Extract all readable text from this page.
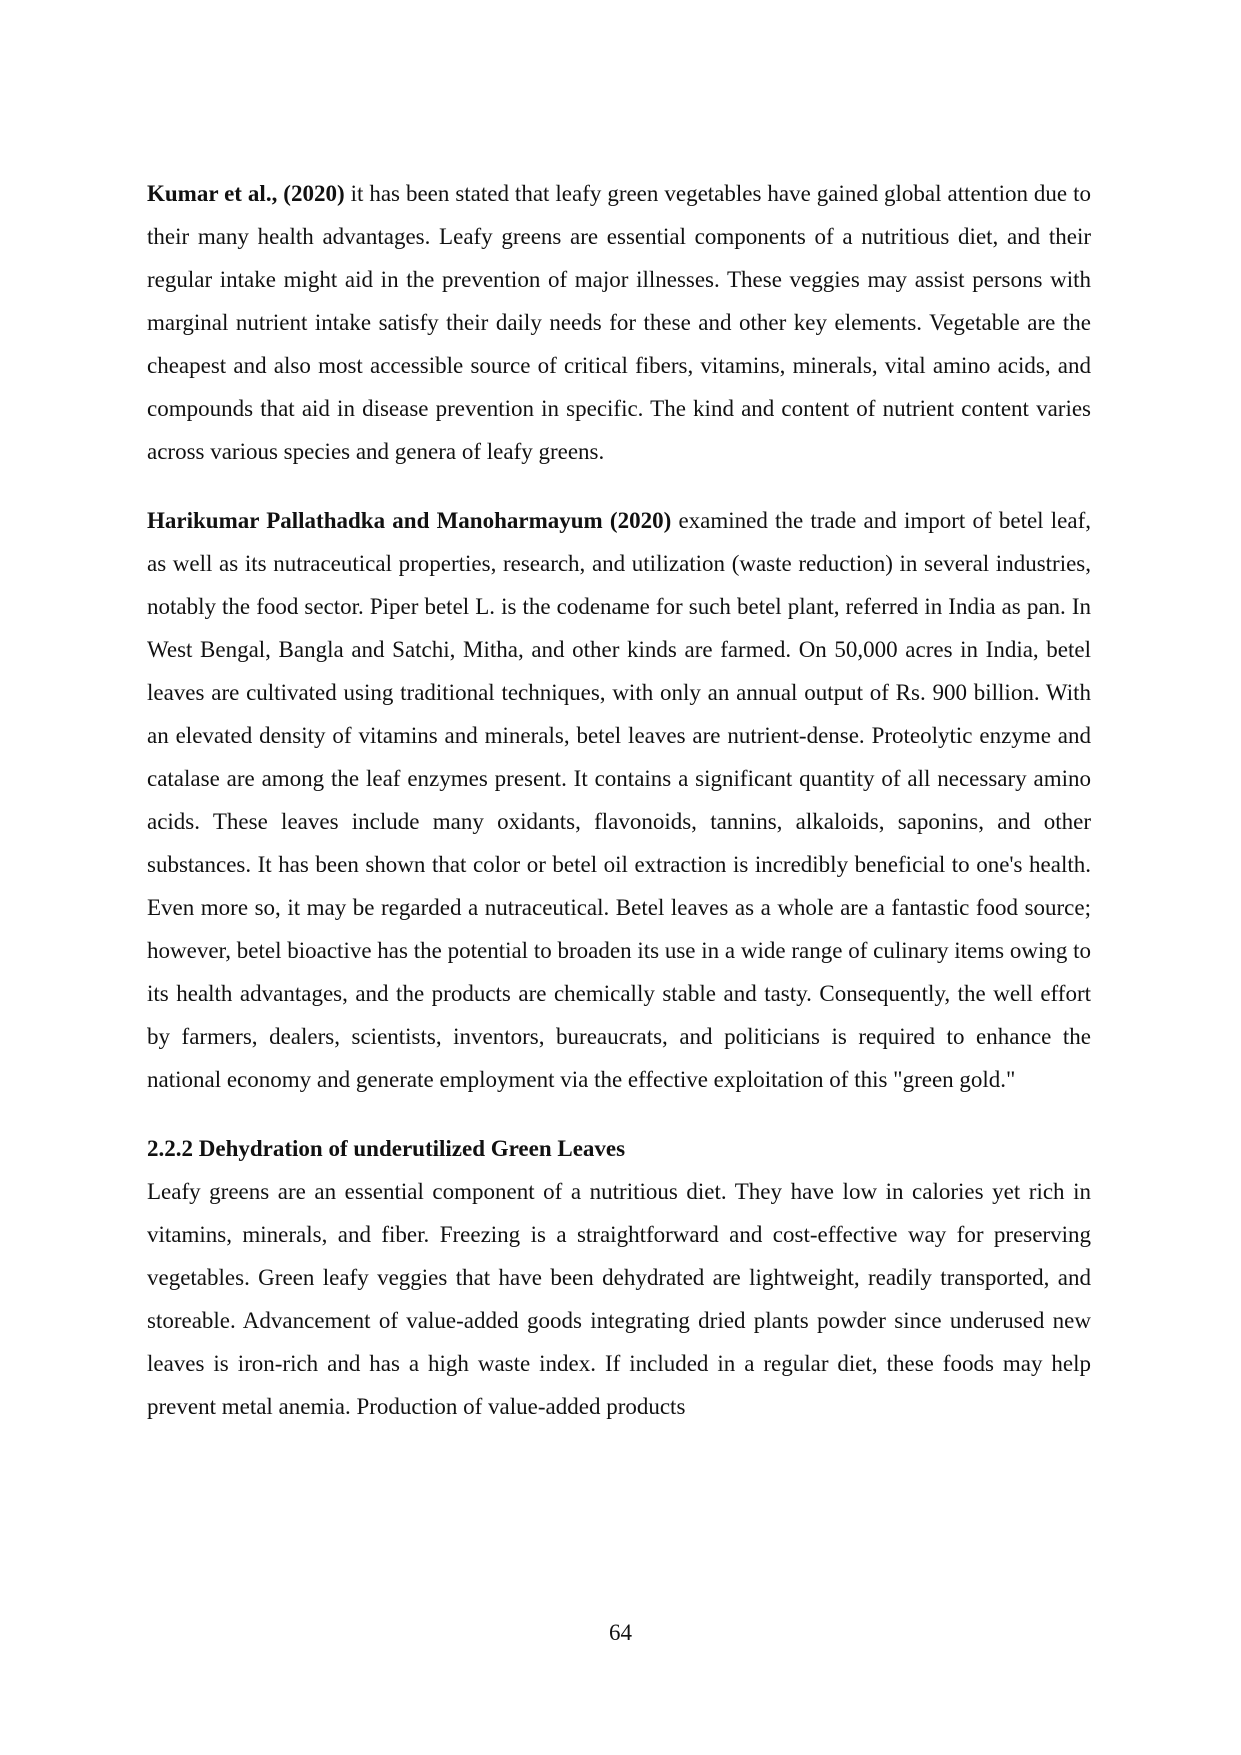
Kumar et al., (2020) it has been stated that leafy green vegetables have gained global attention due to their many health advantages. Leafy greens are essential components of a nutritious diet, and their regular intake might aid in the prevention of major illnesses. These veggies may assist persons with marginal nutrient intake satisfy their daily needs for these and other key elements. Vegetable are the cheapest and also most accessible source of critical fibers, vitamins, minerals, vital amino acids, and compounds that aid in disease prevention in specific. The kind and content of nutrient content varies across various species and genera of leafy greens.

Harikumar Pallathadka and Manoharmayum (2020) examined the trade and import of betel leaf, as well as its nutraceutical properties, research, and utilization (waste reduction) in several industries, notably the food sector. Piper betel L. is the codename for such betel plant, referred in India as pan. In West Bengal, Bangla and Satchi, Mitha, and other kinds are farmed. On 50,000 acres in India, betel leaves are cultivated using traditional techniques, with only an annual output of Rs. 900 billion. With an elevated density of vitamins and minerals, betel leaves are nutrient-dense. Proteolytic enzyme and catalase are among the leaf enzymes present. It contains a significant quantity of all necessary amino acids. These leaves include many oxidants, flavonoids, tannins, alkaloids, saponins, and other substances. It has been shown that color or betel oil extraction is incredibly beneficial to one's health. Even more so, it may be regarded a nutraceutical. Betel leaves as a whole are a fantastic food source; however, betel bioactive has the potential to broaden its use in a wide range of culinary items owing to its health advantages, and the products are chemically stable and tasty. Consequently, the well effort by farmers, dealers, scientists, inventors, bureaucrats, and politicians is required to enhance the national economy and generate employment via the effective exploitation of this "green gold."

2.2.2 Dehydration of underutilized Green Leaves

Leafy greens are an essential component of a nutritious diet. They have low in calories yet rich in vitamins, minerals, and fiber. Freezing is a straightforward and cost-effective way for preserving vegetables. Green leafy veggies that have been dehydrated are lightweight, readily transported, and storeable. Advancement of value-added goods integrating dried plants powder since underused new leaves is iron-rich and has a high waste index. If included in a regular diet, these foods may help prevent metal anemia. Production of value-added products

64
